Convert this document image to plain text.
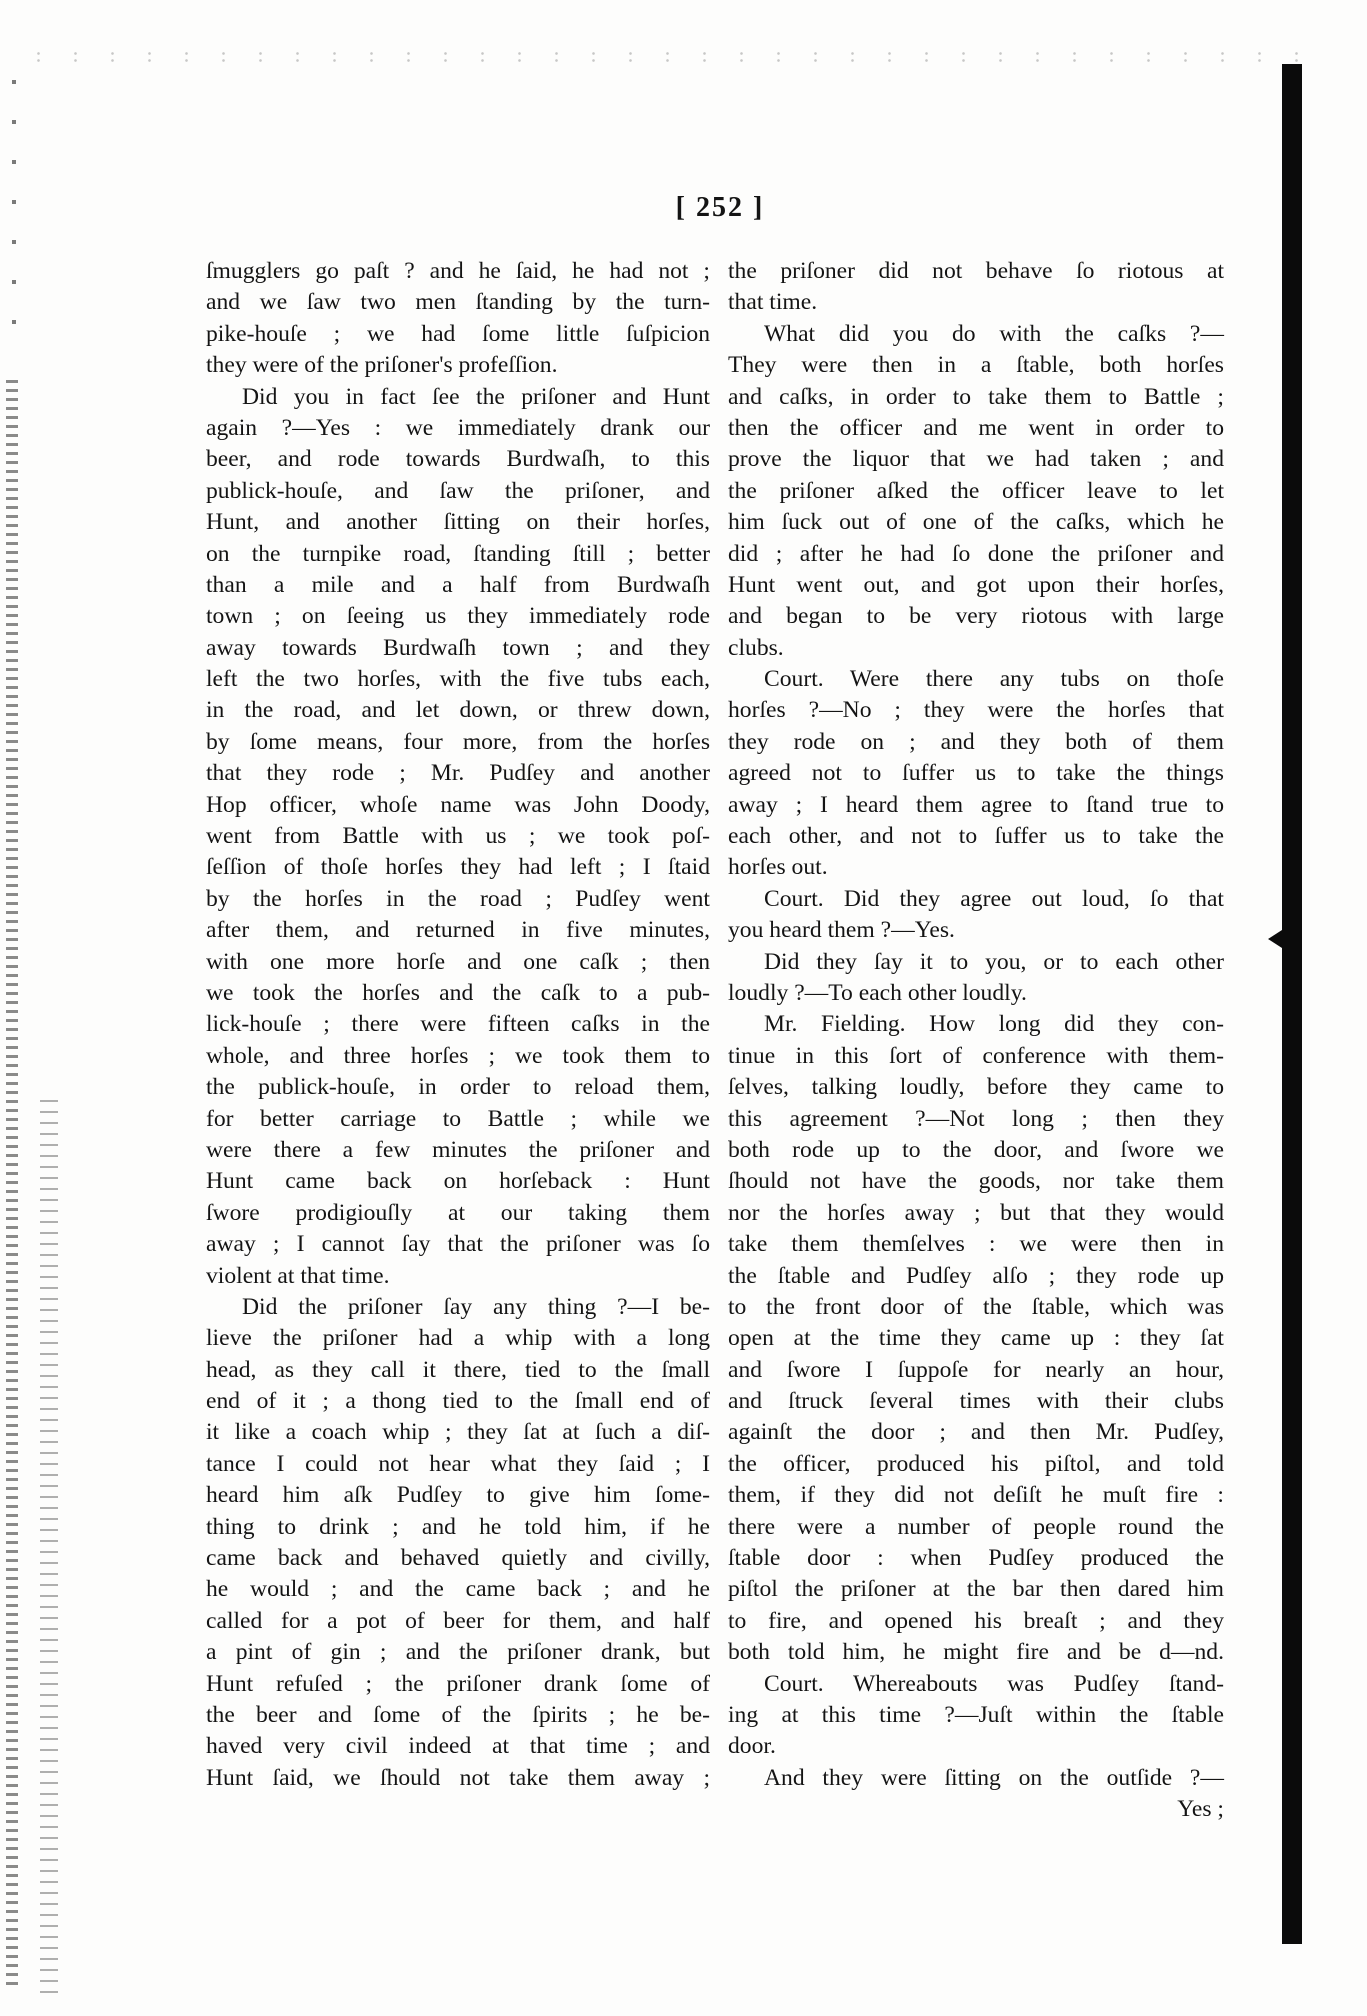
[ 252 ]
ſmugglers go paſt ? and he ſaid, he had not ;
and we ſaw two men ſtanding by the turn-
pike-houſe ; we had ſome little ſuſpicion
they were of the priſoner's profeſſion.
Did you in fact ſee the priſoner and Hunt
again ?—Yes : we immediately drank our
beer, and rode towards Burdwaſh, to this
publick-houſe, and ſaw the priſoner, and
Hunt, and another ſitting on their horſes,
on the turnpike road, ſtanding ſtill ; better
than a mile and a half from Burdwaſh
town ; on ſeeing us they immediately rode
away towards Burdwaſh town ; and they
left the two horſes, with the five tubs each,
in the road, and let down, or threw down,
by ſome means, four more, from the horſes
that they rode ; Mr. Pudſey and another
Hop officer, whoſe name was John Doody,
went from Battle with us ; we took poſ-
ſeſſion of thoſe horſes they had left ; I ſtaid
by the horſes in the road ; Pudſey went
after them, and returned in five minutes,
with one more horſe and one caſk ; then
we took the horſes and the caſk to a pub-
lick-houſe ; there were fifteen caſks in the
whole, and three horſes ; we took them to
the publick-houſe, in order to reload them,
for better carriage to Battle ; while we
were there a few minutes the priſoner and
Hunt came back on horſeback : Hunt
ſwore prodigiouſly at our taking them
away ; I cannot ſay that the priſoner was ſo
violent at that time.
Did the priſoner ſay any thing ?—I be-
lieve the priſoner had a whip with a long
head, as they call it there, tied to the ſmall
end of it ; a thong tied to the ſmall end of
it like a coach whip ; they ſat at ſuch a diſ-
tance I could not hear what they ſaid ; I
heard him aſk Pudſey to give him ſome-
thing to drink ; and he told him, if he
came back and behaved quietly and civilly,
he would ; and the came back ; and he
called for a pot of beer for them, and half
a pint of gin ; and the priſoner drank, but
Hunt refuſed ; the priſoner drank ſome of
the beer and ſome of the ſpirits ; he be-
haved very civil indeed at that time ; and
Hunt ſaid, we ſhould not take them away ;
the priſoner did not behave ſo riotous at
that time.
What did you do with the caſks ?—
They were then in a ſtable, both horſes
and caſks, in order to take them to Battle ;
then the officer and me went in order to
prove the liquor that we had taken ; and
the priſoner aſked the officer leave to let
him ſuck out of one of the caſks, which he
did ; after he had ſo done the priſoner and
Hunt went out, and got upon their horſes,
and began to be very riotous with large
clubs.
Court. Were there any tubs on thoſe
horſes ?—No ; they were the horſes that
they rode on ; and they both of them
agreed not to ſuffer us to take the things
away ; I heard them agree to ſtand true to
each other, and not to ſuffer us to take the
horſes out.
Court. Did they agree out loud, ſo that
you heard them ?—Yes.
Did they ſay it to you, or to each other
loudly ?—To each other loudly.
Mr. Fielding. How long did they con-
tinue in this ſort of conference with them-
ſelves, talking loudly, before they came to
this agreement ?—Not long ; then they
both rode up to the door, and ſwore we
ſhould not have the goods, nor take them
nor the horſes away ; but that they would
take them themſelves : we were then in
the ſtable and Pudſey alſo ; they rode up
to the front door of the ſtable, which was
open at the time they came up : they ſat
and ſwore I ſuppoſe for nearly an hour,
and ſtruck ſeveral times with their clubs
againſt the door ; and then Mr. Pudſey,
the officer, produced his piſtol, and told
them, if they did not deſiſt he muſt fire :
there were a number of people round the
ſtable door : when Pudſey produced the
piſtol the priſoner at the bar then dared him
to fire, and opened his breaſt ; and they
both told him, he might fire and be d—nd.
Court. Whereabouts was Pudſey ſtand-
ing at this time ?—Juſt within the ſtable
door.
And they were ſitting on the outſide ?—
Yes ;
